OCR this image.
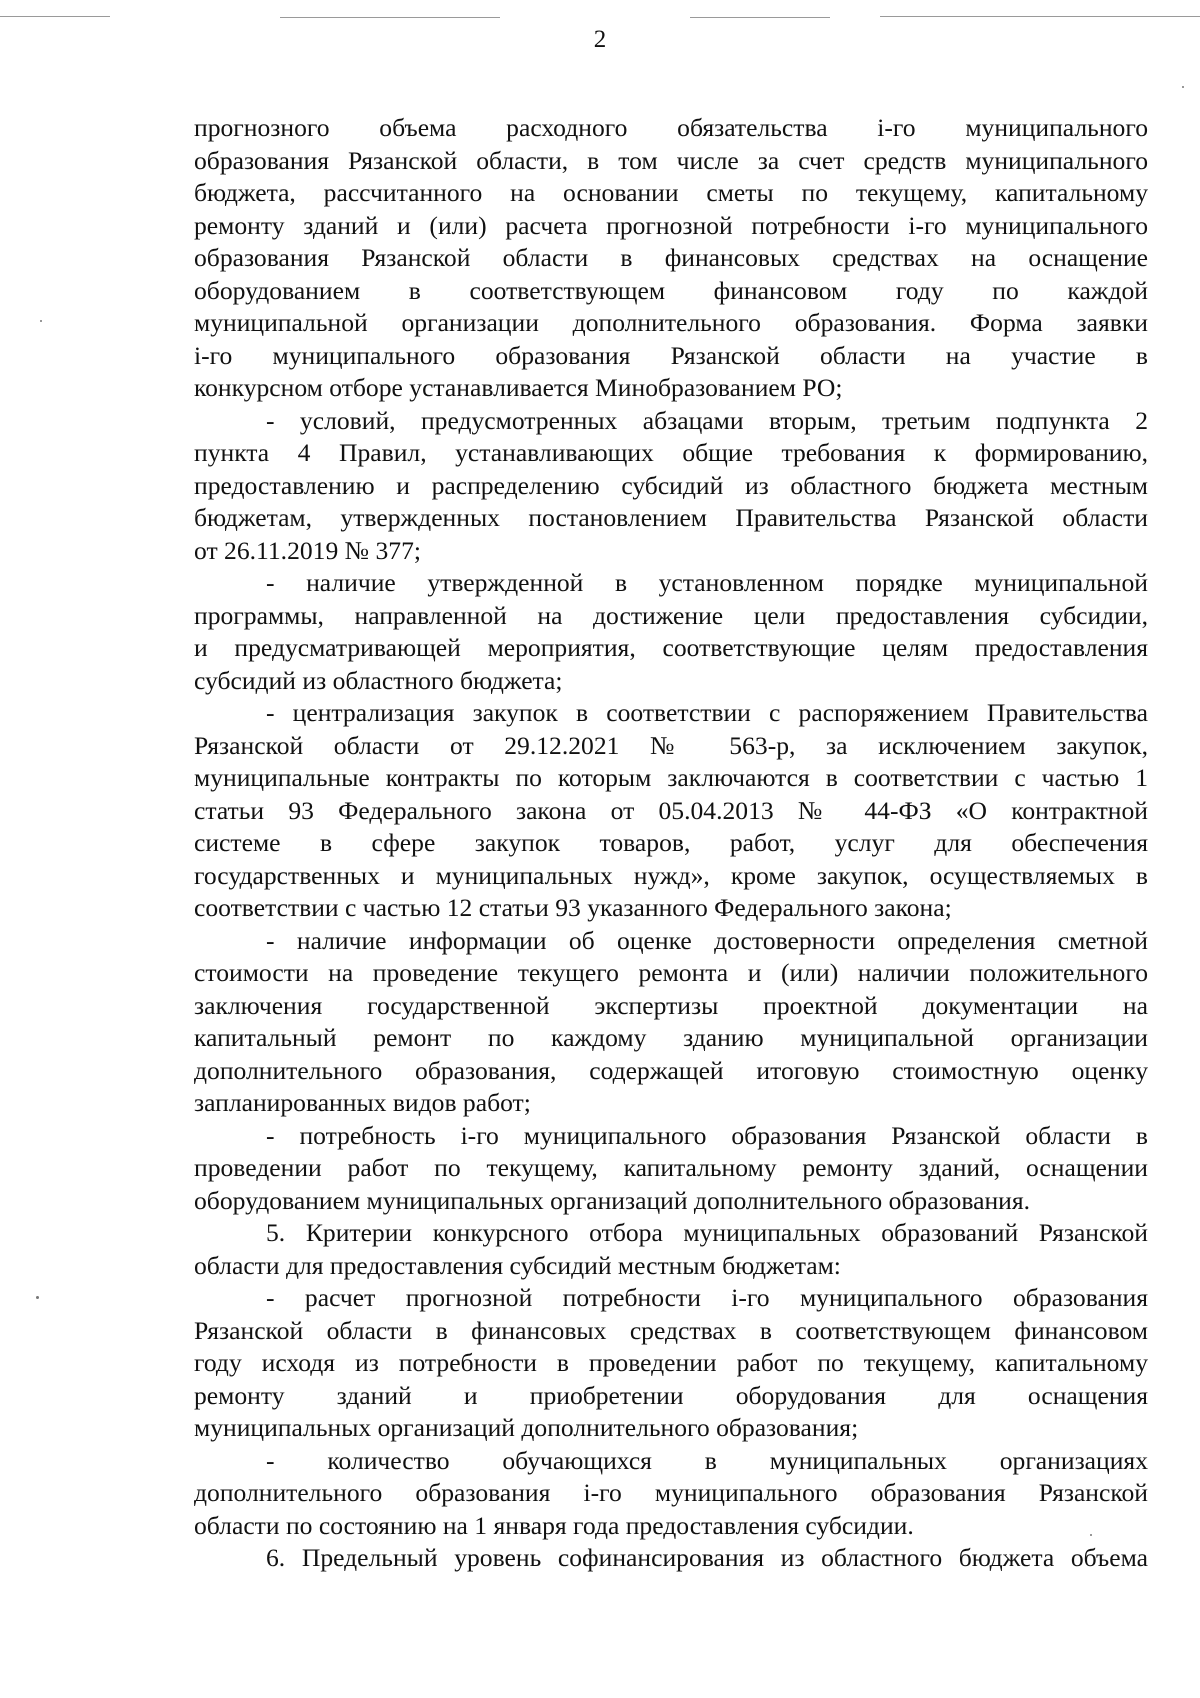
2

прогнозного объема расходного обязательства i-го муниципального

образования Рязанской области, в том числе за счет средств муниципального

бюджета, рассчитанного на основании сметы по текущему, капитальному

ремонту зданий и (или) расчета прогнозной потребности i-го муниципального

образования Рязанской области в финансовых средствах на оснащение

оборудованием в соответствующем финансовом году по каждой

муниципальной организации дополнительного образования. Форма заявки

i-го муниципального образования Рязанской области на участие в

конкурсном отборе устанавливается Минобразованием РО;

- условий, предусмотренных абзацами вторым, третьим подпункта 2

пункта 4 Правил, устанавливающих общие требования к формированию,

предоставлению и распределению субсидий из областного бюджета местным

бюджетам, утвержденных постановлением Правительства Рязанской области

от 26.11.2019 № 377;

- наличие утвержденной в установленном порядке муниципальной

программы, направленной на достижение цели предоставления субсидии,

и предусматривающей мероприятия, соответствующие целям предоставления

субсидий из областного бюджета;

- централизация закупок в соответствии с распоряжением Правительства

Рязанской области от 29.12.2021 № 563-р, за исключением закупок,

муниципальные контракты по которым заключаются в соответствии с частью 1

статьи 93 Федерального закона от 05.04.2013 № 44-ФЗ «О контрактной

системе в сфере закупок товаров, работ, услуг для обеспечения

государственных и муниципальных нужд», кроме закупок, осуществляемых в

соответствии с частью 12 статьи 93 указанного Федерального закона;

- наличие информации об оценке достоверности определения сметной

стоимости на проведение текущего ремонта и (или) наличии положительного

заключения государственной экспертизы проектной документации на

капитальный ремонт по каждому зданию муниципальной организации

дополнительного образования, содержащей итоговую стоимостную оценку

запланированных видов работ;

- потребность i-го муниципального образования Рязанской области в

проведении работ по текущему, капитальному ремонту зданий, оснащении

оборудованием муниципальных организаций дополнительного образования.

5. Критерии конкурсного отбора муниципальных образований Рязанской

области для предоставления субсидий местным бюджетам:

- расчет прогнозной потребности i-го муниципального образования

Рязанской области в финансовых средствах в соответствующем финансовом

году исходя из потребности в проведении работ по текущему, капитальному

ремонту зданий и приобретении оборудования для оснащения

муниципальных организаций дополнительного образования;

- количество обучающихся в муниципальных организациях

дополнительного образования i-го муниципального образования Рязанской

области по состоянию на 1 января года предоставления субсидии.

6. Предельный уровень софинансирования из областного бюджета объема
